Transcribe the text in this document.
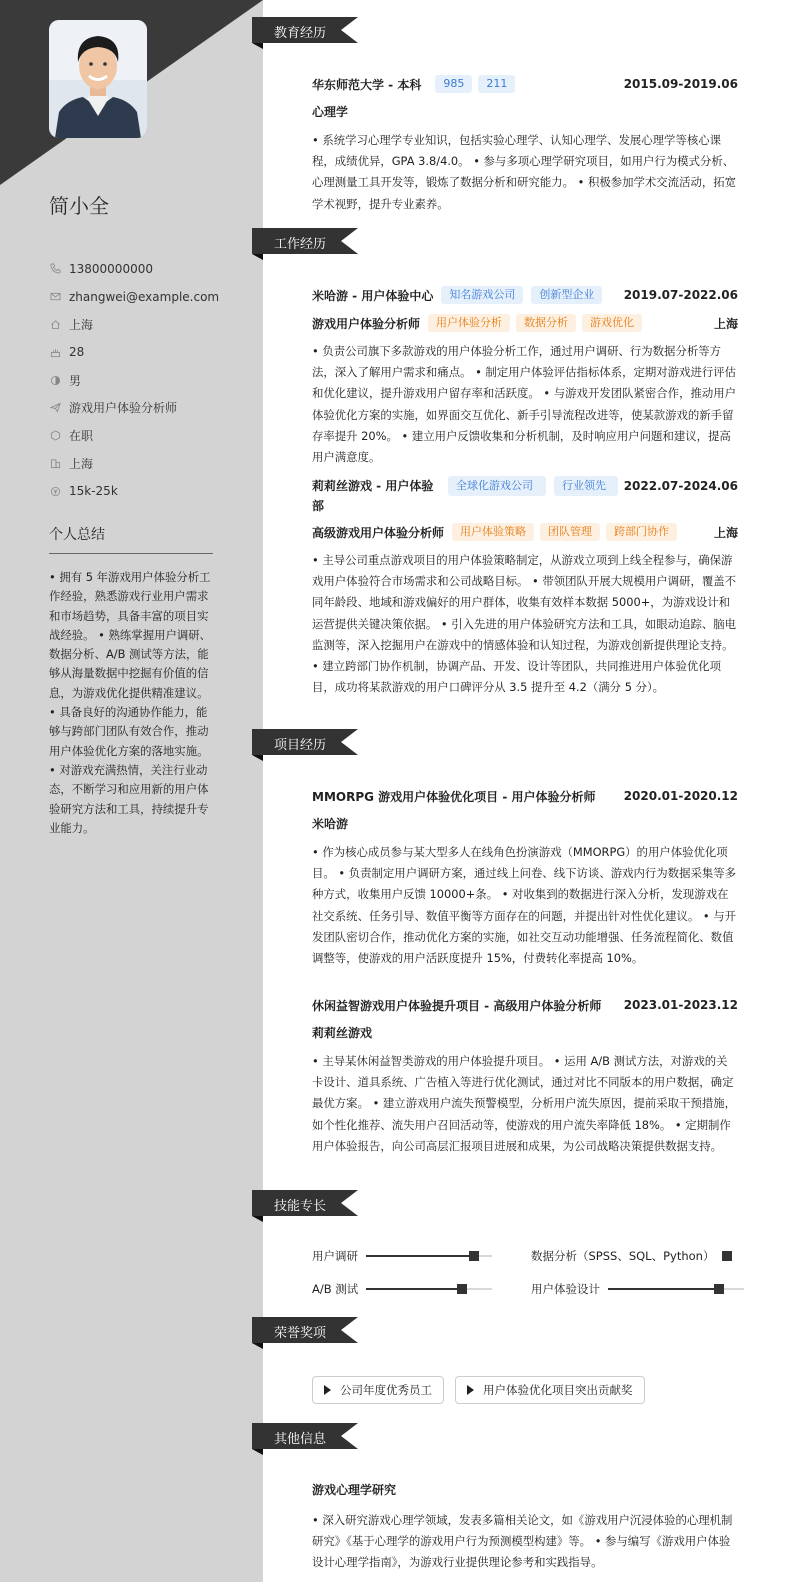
简小全
13800000000
zhangwei@example.com
上海
28
男
游戏用户体验分析师
在职
上海
15k-25k
个人总结
• 拥有 5 年游戏用户体验分析工作经验，熟悉游戏行业用户需求和市场趋势，具备丰富的项目实战经验。 • 熟练掌握用户调研、数据分析、A/B 测试等方法，能够从海量数据中挖掘有价值的信息，为游戏优化提供精准建议。 • 具备良好的沟通协作能力，能够与跨部门团队有效合作，推动用户体验优化方案的落地实施。 • 对游戏充满热情，关注行业动态，不断学习和应用新的用户体验研究方法和工具，持续提升专业能力。
教育经历
华东师范大学 - 本科	985	211	2015.09-2019.06
心理学
• 系统学习心理学专业知识，包括实验心理学、认知心理学、发展心理学等核心课程，成绩优异，GPA 3.8/4.0。 • 参与多项心理学研究项目，如用户行为模式分析、心理测量工具开发等，锻炼了数据分析和研究能力。 • 积极参加学术交流活动，拓宽学术视野，提升专业素养。
工作经历
米哈游 - 用户体验中心	知名游戏公司	创新型企业	2019.07-2022.06
游戏用户体验分析师	用户体验分析	数据分析	游戏优化	上海
• 负责公司旗下多款游戏的用户体验分析工作，通过用户调研、行为数据分析等方法，深入了解用户需求和痛点。 • 制定用户体验评估指标体系，定期对游戏进行评估和优化建议，提升游戏用户留存率和活跃度。 • 与游戏开发团队紧密合作，推动用户体验优化方案的实施，如界面交互优化、新手引导流程改进等，使某款游戏的新手留存率提升 20%。 • 建立用户反馈收集和分析机制，及时响应用户问题和建议，提高用户满意度。
莉莉丝游戏 - 用户体验部
全球化游戏公司	行业领先	2022.07-2024.06
高级游戏用户体验分析师	用户体验策略	团队管理	跨部门协作	上海
• 主导公司重点游戏项目的用户体验策略制定，从游戏立项到上线全程参与，确保游戏用户体验符合市场需求和公司战略目标。 • 带领团队开展大规模用户调研，覆盖不同年龄段、地域和游戏偏好的用户群体，收集有效样本数据 5000+，为游戏设计和运营提供关键决策依据。 • 引入先进的用户体验研究方法和工具，如眼动追踪、脑电监测等，深入挖掘用户在游戏中的情感体验和认知过程，为游戏创新提供理论支持。 • 建立跨部门协作机制，协调产品、开发、设计等团队，共同推进用户体验优化项目，成功将某款游戏的用户口碑评分从 3.5 提升至 4.2（满分 5 分）。
项目经历
MMORPG 游戏用户体验优化项目 - 用户体验分析师 2020.01-2020.12
米哈游
• 作为核心成员参与某大型多人在线角色扮演游戏（MMORPG）的用户体验优化项目。 • 负责制定用户调研方案，通过线上问卷、线下访谈、游戏内行为数据采集等多种方式，收集用户反馈 10000+条。 • 对收集到的数据进行深入分析，发现游戏在社交系统、任务引导、数值平衡等方面存在的问题，并提出针对性优化建议。 • 与开发团队密切合作，推动优化方案的实施，如社交互动功能增强、任务流程简化、数值调整等，使游戏的用户活跃度提升 15%，付费转化率提高 10%。
休闲益智游戏用户体验提升项目 - 高级用户体验分析师 2023.01-2023.12
莉莉丝游戏
• 主导某休闲益智类游戏的用户体验提升项目。 • 运用 A/B 测试方法，对游戏的关卡设计、道具系统、广告植入等进行优化测试，通过对比不同版本的用户数据，确定最优方案。 • 建立游戏用户流失预警模型，分析用户流失原因，提前采取干预措施，如个性化推荐、流失用户召回活动等，使游戏的用户流失率降低 18%。 • 定期制作用户体验报告，向公司高层汇报项目进展和成果，为公司战略决策提供数据支持。
技能专长
用户调研	数据分析（SPSS、SQL、Python）
A/B 测试	用户体验设计
荣誉奖项
公司年度优秀员工	用户体验优化项目突出贡献奖
其他信息
游戏心理学研究
• 深入研究游戏心理学领域，发表多篇相关论文，如《游戏用户沉浸体验的心理机制研究》《基于心理学的游戏用户行为预测模型构建》等。 • 参与编写《游戏用户体验设计心理学指南》，为游戏行业提供理论参考和实践指导。
